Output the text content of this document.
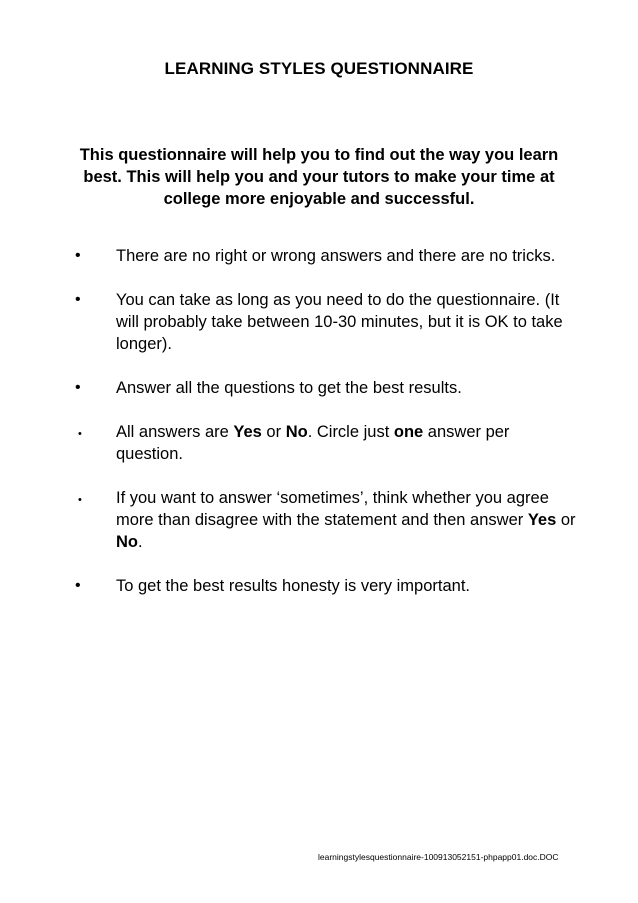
LEARNING STYLES QUESTIONNAIRE

This questionnaire will help you to find out the way you learn best. This will help you and your tutors to make your time at college more enjoyable and successful.

• There are no right or wrong answers and there are no tricks.
• You can take as long as you need to do the questionnaire. (It will probably take between 10-30 minutes, but it is OK to take longer).
• Answer all the questions to get the best results.
• All answers are Yes or No. Circle just one answer per question.
• If you want to answer ‘sometimes’, think whether you agree more than disagree with the statement and then answer Yes or No.
• To get the best results honesty is very important.
learningstylesquestionnaire-100913052151-phpapp01.doc.DOC
